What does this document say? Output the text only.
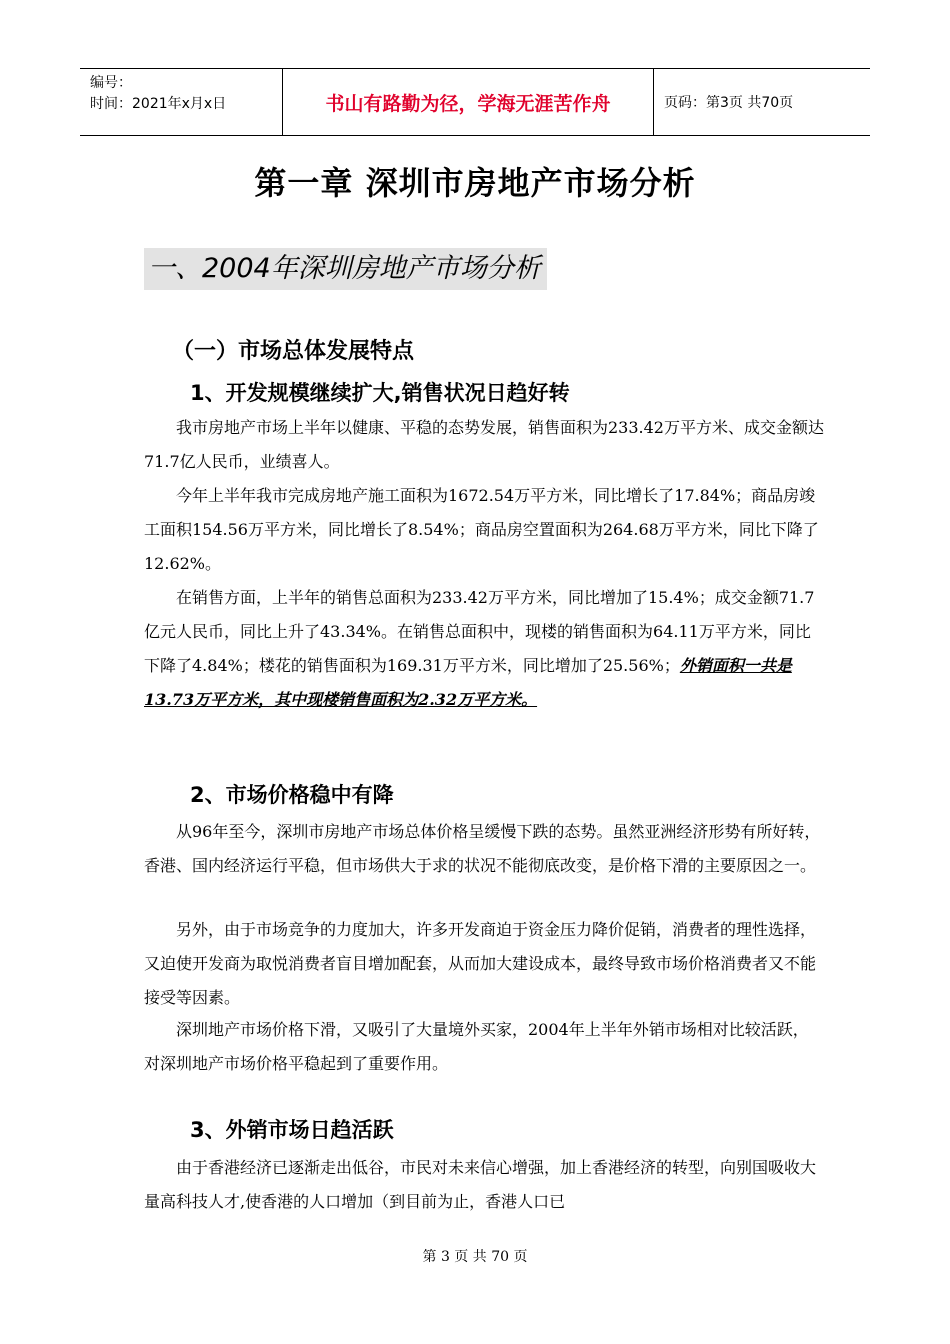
编号：
时间：2021年x月x日	书山有路勤为径，学海无涯苦作舟	页码：第3页 共70页
第一章 深圳市房地产市场分析
一、2004年深圳房地产市场分析
（一）市场总体发展特点
1、开发规模继续扩大,销售状况日趋好转

我市房地产市场上半年以健康、平稳的态势发展，销售面积为233.42万平方米、成交金额达71.7亿人民币，业绩喜人。

今年上半年我市完成房地产施工面积为1672.54万平方米，同比增长了17.84%；商品房竣工面积154.56万平方米，同比增长了8.54%；商品房空置面积为264.68万平方米，同比下降了12.62%。

在销售方面，上半年的销售总面积为233.42万平方米，同比增加了15.4%；成交金额71.7亿元人民币，同比上升了43.34%。在销售总面积中，现楼的销售面积为64.11万平方米，同比下降了4.84%；楼花的销售面积为169.31万平方米，同比增加了25.56%；外销面积一共是13.73万平方米，其中现楼销售面积为2.32万平方米。

2、市场价格稳中有降

从96年至今，深圳市房地产市场总体价格呈缓慢下跌的态势。虽然亚洲经济形势有所好转，香港、国内经济运行平稳，但市场供大于求的状况不能彻底改变，是价格下滑的主要原因之一。

另外，由于市场竞争的力度加大，许多开发商迫于资金压力降价促销，消费者的理性选择，又迫使开发商为取悦消费者盲目增加配套，从而加大建设成本，最终导致市场价格消费者又不能接受等因素。

深圳地产市场价格下滑，又吸引了大量境外买家，2004年上半年外销市场相对比较活跃，对深圳地产市场价格平稳起到了重要作用。

3、外销市场日趋活跃

由于香港经济已逐渐走出低谷，市民对未来信心增强，加上香港经济的转型，向别国吸收大量高科技人才,使香港的人口增加（到目前为止，香港人口已

第 3 页 共 70 页
